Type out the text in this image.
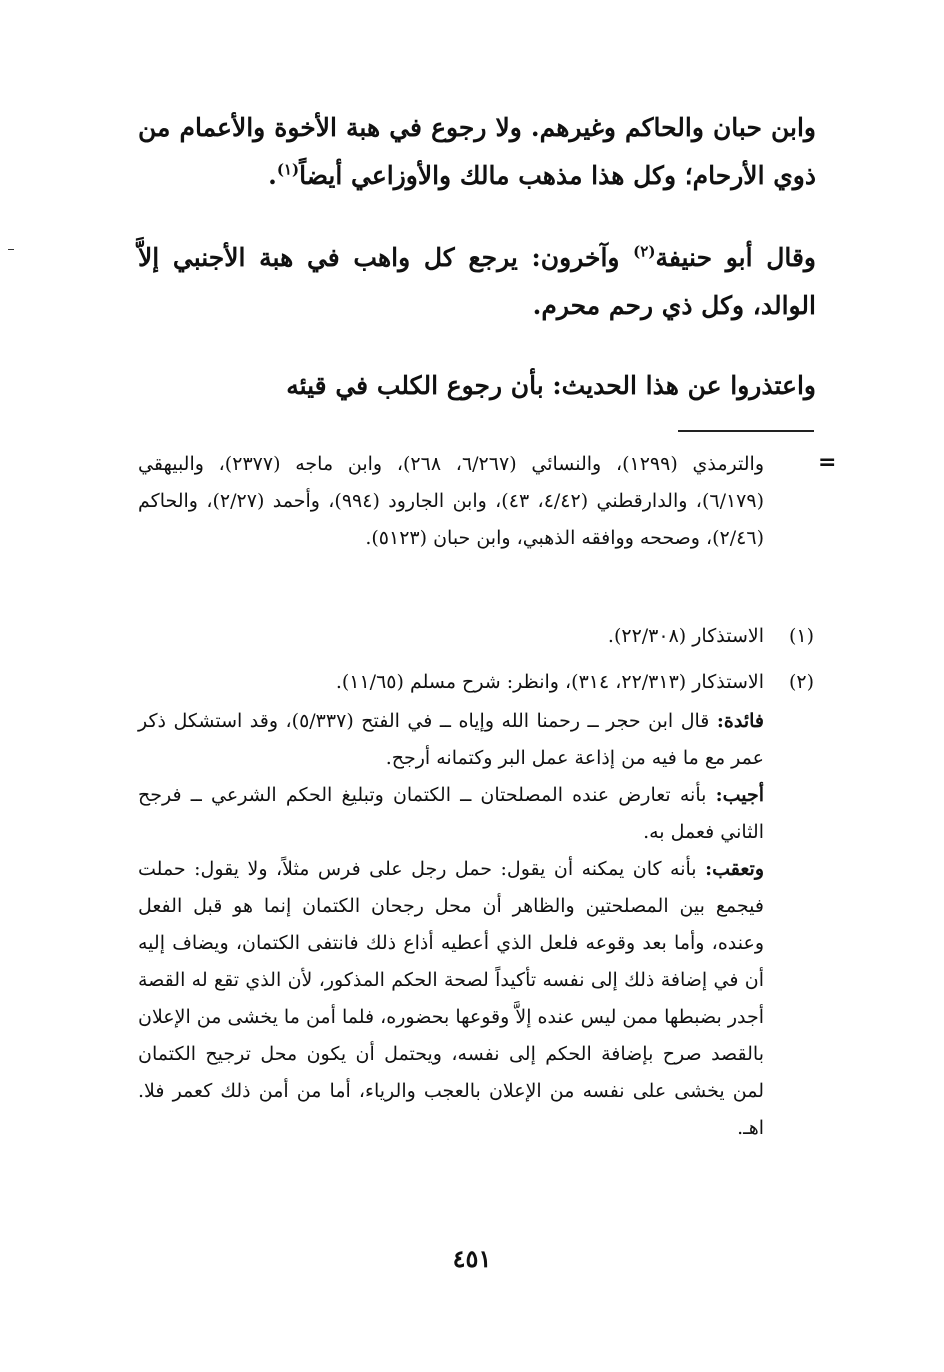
وابن حبان والحاكم وغيرهم. ولا رجوع في هبة الأخوة والأعمام من ذوي الأرحام؛ وكل هذا مذهب مالك والأوزاعي أيضاً$^{(١)}$.

وقال أبو حنيفة$^{(٢)}$ وآخرون: يرجع كل واهب في هبة الأجنبي إلاَّ الوالد، وكل ذي رحم محرم.

واعتذروا عن هذا الحديث: بأن رجوع الكلب في قيئه

=

والترمذي (١٢٩٩)، والنسائي (٦/٢٦٧، ٢٦٨)، وابن ماجه (٢٣٧٧)، والبيهقي (٦/١٧٩)، والدارقطني (٤/٤٢، ٤٣)، وابن الجارود (٩٩٤)، وأحمد (٢/٢٧)، والحاكم (٢/٤٦)، وصححه ووافقه الذهبي، وابن حبان (٥١٢٣).

(١)الاستذكار (٢٢/٣٠٨).

(٢)الاستذكار (٢٢/٣١٣، ٣١٤)، وانظر: شرح مسلم (١١/٦٥).
فائدة: قال ابن حجر ــ رحمنا الله وإياه ــ في الفتح (٥/٣٣٧)، وقد استشكل ذكر عمر مع ما فيه من إذاعة عمل البر وكتمانه أرجح.
أجيب: بأنه تعارض عنده المصلحتان ــ الكتمان وتبليغ الحكم الشرعي ــ فرجح الثاني فعمل به.
وتعقب: بأنه كان يمكنه أن يقول: حمل رجل على فرس مثلاً، ولا يقول: حملت فيجمع بين المصلحتين والظاهر أن محل رجحان الكتمان إنما هو قبل الفعل وعنده، وأما بعد وقوعه فلعل الذي أعطيه أذاع ذلك فانتفى الكتمان، ويضاف إليه أن في إضافة ذلك إلى نفسه تأكيداً لصحة الحكم المذكور، لأن الذي تقع له القصة أجدر بضبطها ممن ليس عنده إلاَّ وقوعها بحضوره، فلما أمن ما يخشى من الإعلان بالقصد صرح بإضافة الحكم إلى نفسه، ويحتمل أن يكون محل ترجيح الكتمان لمن يخشى على نفسه من الإعلان بالعجب والرياء، أما من أمن ذلك كعمر فلا. اهـ.
٤٥١
